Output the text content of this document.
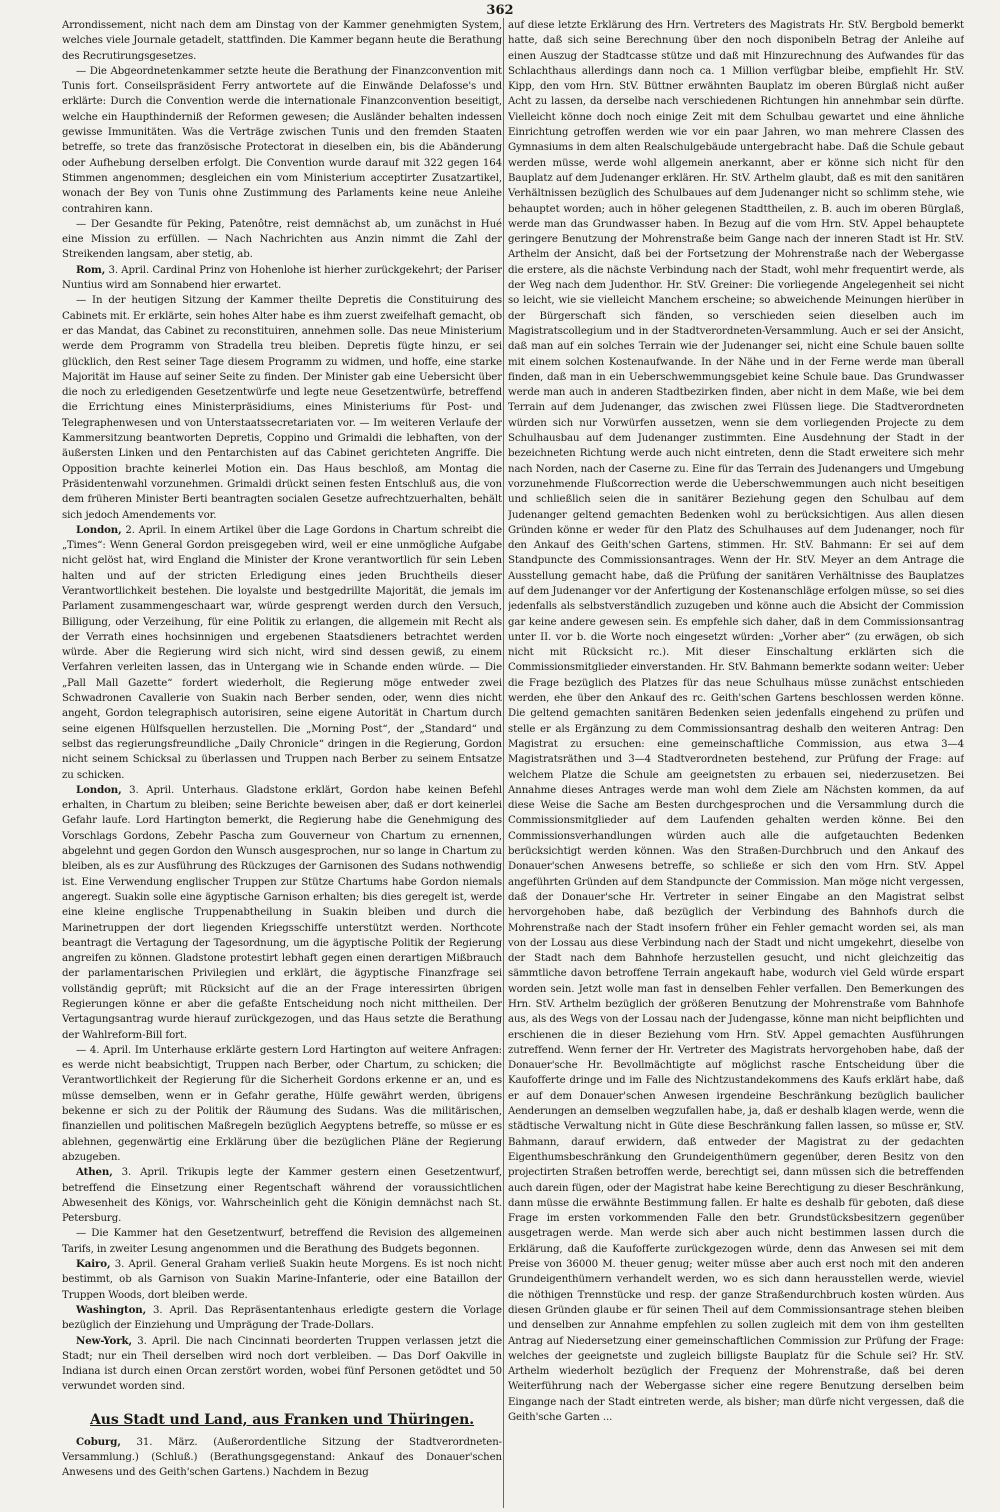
362

Arrondissement, nicht nach dem am Dinstag von der Kammer genehmigten System, welches viele Journale getadelt, stattfinden. Die Kammer begann heute die Berathung des Recrutirungsgesetzes.

— Die Abgeordnetenkammer setzte heute die Berathung der Finanzconvention mit Tunis fort. Conseilspräsident Ferry antwortete auf die Einwände Delafosse's und erklärte: Durch die Convention werde die internationale Finanzconvention beseitigt, welche ein Haupthinderniß der Reformen gewesen; die Ausländer behalten indessen gewisse Immunitäten. Was die Verträge zwischen Tunis und den fremden Staaten betreffe, so trete das französische Protectorat in dieselben ein, bis die Abänderung oder Aufhebung derselben erfolgt. Die Convention wurde darauf mit 322 gegen 164 Stimmen angenommen; desgleichen ein vom Ministerium acceptirter Zusatzartikel, wonach der Bey von Tunis ohne Zustimmung des Parlaments keine neue Anleihe contrahiren kann.

— Der Gesandte für Peking, Patenôtre, reist demnächst ab, um zunächst in Hué eine Mission zu erfüllen. — Nach Nachrichten aus Anzin nimmt die Zahl der Streikenden langsam, aber stetig, ab.

Rom, 3. April. Cardinal Prinz von Hohenlohe ist hierher zurückgekehrt; der Pariser Nuntius wird am Sonnabend hier erwartet.

— In der heutigen Sitzung der Kammer theilte Depretis die Constituirung des Cabinets mit. Er erklärte, sein hohes Alter habe es ihm zuerst zweifelhaft gemacht, ob er das Mandat, das Cabinet zu reconstituiren, annehmen solle. Das neue Ministerium werde dem Programm von Stradella treu bleiben. Depretis fügte hinzu, er sei glücklich, den Rest seiner Tage diesem Programm zu widmen, und hoffe, eine starke Majorität im Hause auf seiner Seite zu finden. Der Minister gab eine Uebersicht über die noch zu erledigenden Gesetzentwürfe und legte neue Gesetzentwürfe, betreffend die Errichtung eines Ministerpräsidiums, eines Ministeriums für Post- und Telegraphenwesen und von Unterstaatssecretariaten vor. — Im weiteren Verlaufe der Kammersitzung beantworten Depretis, Coppino und Grimaldi die lebhaften, von der äußersten Linken und den Pentarchisten auf das Cabinet gerichteten Angriffe. Die Opposition brachte keinerlei Motion ein. Das Haus beschloß, am Montag die Präsidentenwahl vorzunehmen. Grimaldi drückt seinen festen Entschluß aus, die von dem früheren Minister Berti beantragten socialen Gesetze aufrechtzuerhalten, behält sich jedoch Amendements vor.

London, 2. April. In einem Artikel über die Lage Gordons in Chartum schreibt die „Times“: Wenn General Gordon preisgegeben wird, weil er eine unmögliche Aufgabe nicht gelöst hat, wird England die Minister der Krone verantwortlich für sein Leben halten und auf der stricten Erledigung eines jeden Bruchtheils dieser Verantwortlichkeit bestehen. Die loyalste und bestgedrillte Majorität, die jemals im Parlament zusammengeschaart war, würde gesprengt werden durch den Versuch, Billigung, oder Verzeihung, für eine Politik zu erlangen, die allgemein mit Recht als der Verrath eines hochsinnigen und ergebenen Staatsdieners betrachtet werden würde. Aber die Regierung wird sich nicht, wird sind dessen gewiß, zu einem Verfahren verleiten lassen, das in Untergang wie in Schande enden würde. — Die „Pall Mall Gazette“ fordert wiederholt, die Regierung möge entweder zwei Schwadronen Cavallerie von Suakin nach Berber senden, oder, wenn dies nicht angeht, Gordon telegraphisch autorisiren, seine eigene Autorität in Chartum durch seine eigenen Hülfsquellen herzustellen. Die „Morning Post“, der „Standard“ und selbst das regierungsfreundliche „Daily Chronicle“ dringen in die Regierung, Gordon nicht seinem Schicksal zu überlassen und Truppen nach Berber zu seinem Entsatze zu schicken.

London, 3. April. Unterhaus. Gladstone erklärt, Gordon habe keinen Befehl erhalten, in Chartum zu bleiben; seine Berichte beweisen aber, daß er dort keinerlei Gefahr laufe. Lord Hartington bemerkt, die Regierung habe die Genehmigung des Vorschlags Gordons, Zebehr Pascha zum Gouverneur von Chartum zu ernennen, abgelehnt und gegen Gordon den Wunsch ausgesprochen, nur so lange in Chartum zu bleiben, als es zur Ausführung des Rückzuges der Garnisonen des Sudans nothwendig ist. Eine Verwendung englischer Truppen zur Stütze Chartums habe Gordon niemals angeregt. Suakin solle eine ägyptische Garnison erhalten; bis dies geregelt ist, werde eine kleine englische Truppenabtheilung in Suakin bleiben und durch die Marinetruppen der dort liegenden Kriegsschiffe unterstützt werden. Northcote beantragt die Vertagung der Tagesordnung, um die ägyptische Politik der Regierung angreifen zu können. Gladstone protestirt lebhaft gegen einen derartigen Mißbrauch der parlamentarischen Privilegien und erklärt, die ägyptische Finanzfrage sei vollständig geprüft; mit Rücksicht auf die an der Frage interessirten übrigen Regierungen könne er aber die gefaßte Entscheidung noch nicht mittheilen. Der Vertagungsantrag wurde hierauf zurückgezogen, und das Haus setzte die Berathung der Wahlreform-Bill fort.

— 4. April. Im Unterhause erklärte gestern Lord Hartington auf weitere Anfragen: es werde nicht beabsichtigt, Truppen nach Berber, oder Chartum, zu schicken; die Verantwortlichkeit der Regierung für die Sicherheit Gordons erkenne er an, und es müsse demselben, wenn er in Gefahr gerathe, Hülfe gewährt werden, übrigens bekenne er sich zu der Politik der Räumung des Sudans. Was die militärischen, finanziellen und politischen Maßregeln bezüglich Aegyptens betreffe, so müsse er es ablehnen, gegenwärtig eine Erklärung über die bezüglichen Pläne der Regierung abzugeben.

Athen, 3. April. Trikupis legte der Kammer gestern einen Gesetzentwurf, betreffend die Einsetzung einer Regentschaft während der voraussichtlichen Abwesenheit des Königs, vor. Wahrscheinlich geht die Königin demnächst nach St. Petersburg.

— Die Kammer hat den Gesetzentwurf, betreffend die Revision des allgemeinen Tarifs, in zweiter Lesung angenommen und die Berathung des Budgets begonnen.

Kairo, 3. April. General Graham verließ Suakin heute Morgens. Es ist noch nicht bestimmt, ob als Garnison von Suakin Marine-Infanterie, oder eine Bataillon der Truppen Woods, dort bleiben werde.

Washington, 3. April. Das Repräsentantenhaus erledigte gestern die Vorlage bezüglich der Einziehung und Umprägung der Trade-Dollars.

New-York, 3. April. Die nach Cincinnati beorderten Truppen verlassen jetzt die Stadt; nur ein Theil derselben wird noch dort verbleiben. — Das Dorf Oakville in Indiana ist durch einen Orcan zerstört worden, wobei fünf Personen getödtet und 50 verwundet worden sind.

Aus Stadt und Land, aus Franken und Thüringen.

Coburg, 31. März. (Außerordentliche Sitzung der Stadtverordneten-Versammlung.) (Schluß.) (Berathungsgegenstand: Ankauf des Donauer'schen Anwesens und des Geith'schen Gartens.) Nachdem in Bezug

auf diese letzte Erklärung des Hrn. Vertreters des Magistrats Hr. StV. Bergbold bemerkt hatte, daß sich seine Berechnung über den noch disponibeln Betrag der Anleihe auf einen Auszug der Stadtcasse stütze und daß mit Hinzurechnung des Aufwandes für das Schlachthaus allerdings dann noch ca. 1 Million verfügbar bleibe, empfiehlt Hr. StV. Kipp, den vom Hrn. StV. Büttner erwähnten Bauplatz im oberen Bürglaß nicht außer Acht zu lassen, da derselbe nach verschiedenen Richtungen hin annehmbar sein dürfte. Vielleicht könne doch noch einige Zeit mit dem Schulbau gewartet und eine ähnliche Einrichtung getroffen werden wie vor ein paar Jahren, wo man mehrere Classen des Gymnasiums in dem alten Realschulgebäude untergebracht habe. Daß die Schule gebaut werden müsse, werde wohl allgemein anerkannt, aber er könne sich nicht für den Bauplatz auf dem Judenanger erklären. Hr. StV. Arthelm glaubt, daß es mit den sanitären Verhältnissen bezüglich des Schulbaues auf dem Judenanger nicht so schlimm stehe, wie behauptet worden; auch in höher gelegenen Stadttheilen, z. B. auch im oberen Bürglaß, werde man das Grundwasser haben. In Bezug auf die vom Hrn. StV. Appel behauptete geringere Benutzung der Mohrenstraße beim Gange nach der inneren Stadt ist Hr. StV. Arthelm der Ansicht, daß bei der Fortsetzung der Mohrenstraße nach der Webergasse die erstere, als die nächste Verbindung nach der Stadt, wohl mehr frequentirt werde, als der Weg nach dem Judenthor. Hr. StV. Greiner: Die vorliegende Angelegenheit sei nicht so leicht, wie sie vielleicht Manchem erscheine; so abweichende Meinungen hierüber in der Bürgerschaft sich fänden, so verschieden seien dieselben auch im Magistratscollegium und in der Stadtverordneten-Versammlung. Auch er sei der Ansicht, daß man auf ein solches Terrain wie der Judenanger sei, nicht eine Schule bauen sollte mit einem solchen Kostenaufwande. In der Nähe und in der Ferne werde man überall finden, daß man in ein Ueberschwemmungsgebiet keine Schule baue. Das Grundwasser werde man auch in anderen Stadtbezirken finden, aber nicht in dem Maße, wie bei dem Terrain auf dem Judenanger, das zwischen zwei Flüssen liege. Die Stadtverordneten würden sich nur Vorwürfen aussetzen, wenn sie dem vorliegenden Projecte zu dem Schulhausbau auf dem Judenanger zustimmten. Eine Ausdehnung der Stadt in der bezeichneten Richtung werde auch nicht eintreten, denn die Stadt erweitere sich mehr nach Norden, nach der Caserne zu. Eine für das Terrain des Judenangers und Umgebung vorzunehmende Flußcorrection werde die Ueberschwemmungen auch nicht beseitigen und schließlich seien die in sanitärer Beziehung gegen den Schulbau auf dem Judenanger geltend gemachten Bedenken wohl zu berücksichtigen. Aus allen diesen Gründen könne er weder für den Platz des Schulhauses auf dem Judenanger, noch für den Ankauf des Geith'schen Gartens, stimmen. Hr. StV. Bahmann: Er sei auf dem Standpuncte des Commissionsantrages. Wenn der Hr. StV. Meyer an dem Antrage die Ausstellung gemacht habe, daß die Prüfung der sanitären Verhältnisse des Bauplatzes auf dem Judenanger vor der Anfertigung der Kostenanschläge erfolgen müsse, so sei dies jedenfalls als selbstverständlich zuzugeben und könne auch die Absicht der Commission gar keine andere gewesen sein. Es empfehle sich daher, daß in dem Commissionsantrag unter II. vor b. die Worte noch eingesetzt würden: „Vorher aber“ (zu erwägen, ob sich nicht mit Rücksicht rc.). Mit dieser Einschaltung erklärten sich die Commissionsmitglieder einverstanden. Hr. StV. Bahmann bemerkte sodann weiter: Ueber die Frage bezüglich des Platzes für das neue Schulhaus müsse zunächst entschieden werden, ehe über den Ankauf des rc. Geith'schen Gartens beschlossen werden könne. Die geltend gemachten sanitären Bedenken seien jedenfalls eingehend zu prüfen und stelle er als Ergänzung zu dem Commissionsantrag deshalb den weiteren Antrag: Den Magistrat zu ersuchen: eine gemeinschaftliche Commission, aus etwa 3—4 Magistratsräthen und 3—4 Stadtverordneten bestehend, zur Prüfung der Frage: auf welchem Platze die Schule am geeignetsten zu erbauen sei, niederzusetzen. Bei Annahme dieses Antrages werde man wohl dem Ziele am Nächsten kommen, da auf diese Weise die Sache am Besten durchgesprochen und die Versammlung durch die Commissionsmitglieder auf dem Laufenden gehalten werden könne. Bei den Commissionsverhandlungen würden auch alle die aufgetauchten Bedenken berücksichtigt werden können. Was den Straßen-Durchbruch und den Ankauf des Donauer'schen Anwesens betreffe, so schließe er sich den vom Hrn. StV. Appel angeführten Gründen auf dem Standpuncte der Commission. Man möge nicht vergessen, daß der Donauer'sche Hr. Vertreter in seiner Eingabe an den Magistrat selbst hervorgehoben habe, daß bezüglich der Verbindung des Bahnhofs durch die Mohrenstraße nach der Stadt insofern früher ein Fehler gemacht worden sei, als man von der Lossau aus diese Verbindung nach der Stadt und nicht umgekehrt, dieselbe von der Stadt nach dem Bahnhofe herzustellen gesucht, und nicht gleichzeitig das sämmtliche davon betroffene Terrain angekauft habe, wodurch viel Geld würde erspart worden sein. Jetzt wolle man fast in denselben Fehler verfallen. Den Bemerkungen des Hrn. StV. Arthelm bezüglich der größeren Benutzung der Mohrenstraße vom Bahnhofe aus, als des Wegs von der Lossau nach der Judengasse, könne man nicht beipflichten und erschienen die in dieser Beziehung vom Hrn. StV. Appel gemachten Ausführungen zutreffend. Wenn ferner der Hr. Vertreter des Magistrats hervorgehoben habe, daß der Donauer'sche Hr. Bevollmächtigte auf möglichst rasche Entscheidung über die Kaufofferte dringe und im Falle des Nichtzustandekommens des Kaufs erklärt habe, daß er auf dem Donauer'schen Anwesen irgendeine Beschränkung bezüglich baulicher Aenderungen an demselben wegzufallen habe, ja, daß er deshalb klagen werde, wenn die städtische Verwaltung nicht in Güte diese Beschränkung fallen lassen, so müsse er, StV. Bahmann, darauf erwidern, daß entweder der Magistrat zu der gedachten Eigenthumsbeschränkung den Grundeigenthümern gegenüber, deren Besitz von den projectirten Straßen betroffen werde, berechtigt sei, dann müssen sich die betreffenden auch darein fügen, oder der Magistrat habe keine Berechtigung zu dieser Beschränkung, dann müsse die erwähnte Bestimmung fallen. Er halte es deshalb für geboten, daß diese Frage im ersten vorkommenden Falle den betr. Grundstücksbesitzern gegenüber ausgetragen werde. Man werde sich aber auch nicht bestimmen lassen durch die Erklärung, daß die Kaufofferte zurückgezogen würde, denn das Anwesen sei mit dem Preise von 36000 M. theuer genug; weiter müsse aber auch erst noch mit den anderen Grundeigenthümern verhandelt werden, wo es sich dann herausstellen werde, wieviel die nöthigen Trennstücke und resp. der ganze Straßendurchbruch kosten würden. Aus diesen Gründen glaube er für seinen Theil auf dem Commissionsantrage stehen bleiben und denselben zur Annahme empfehlen zu sollen zugleich mit dem von ihm gestellten Antrag auf Niedersetzung einer gemeinschaftlichen Commission zur Prüfung der Frage: welches der geeignetste und zugleich billigste Bauplatz für die Schule sei? Hr. StV. Arthelm wiederholt bezüglich der Frequenz der Mohrenstraße, daß bei deren Weiterführung nach der Webergasse sicher eine regere Benutzung derselben beim Eingange nach der Stadt eintreten werde, als bisher; man dürfe nicht vergessen, daß die Geith'sche Garten ...
